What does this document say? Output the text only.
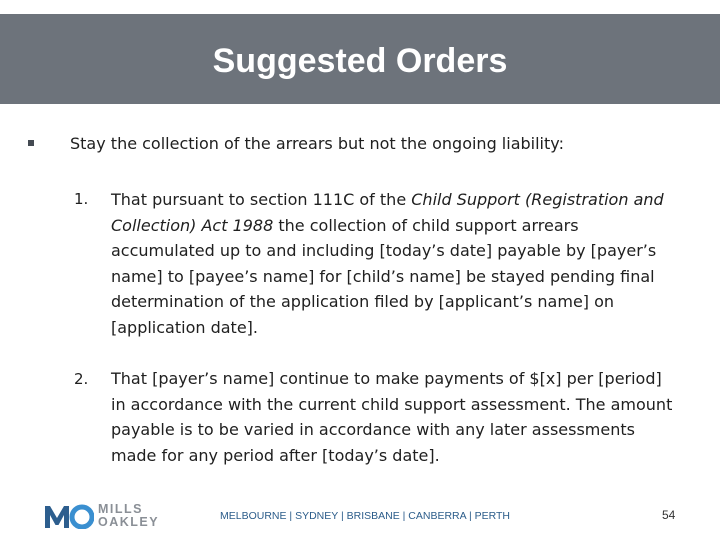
Suggested Orders
Stay the collection of the arrears but not the ongoing liability:
1. That pursuant to section 111C of the Child Support (Registration and
Collection) Act 1988 the collection of child support arrears
accumulated up to and including [today’s date] payable by [payer’s
name] to [payee’s name] for [child’s name] be stayed pending final
determination of the application filed by [applicant’s name] on
[application date].
2. That [payer’s name] continue to make payments of $[x] per [period]
in accordance with the current child support assessment. The amount
payable is to be varied in accordance with any later assessments
made for any period after [today’s date].
MILLS
OAKLEY	MELBOURNE | SYDNEY | BRISBANE | CANBERRA | PERTH	54
